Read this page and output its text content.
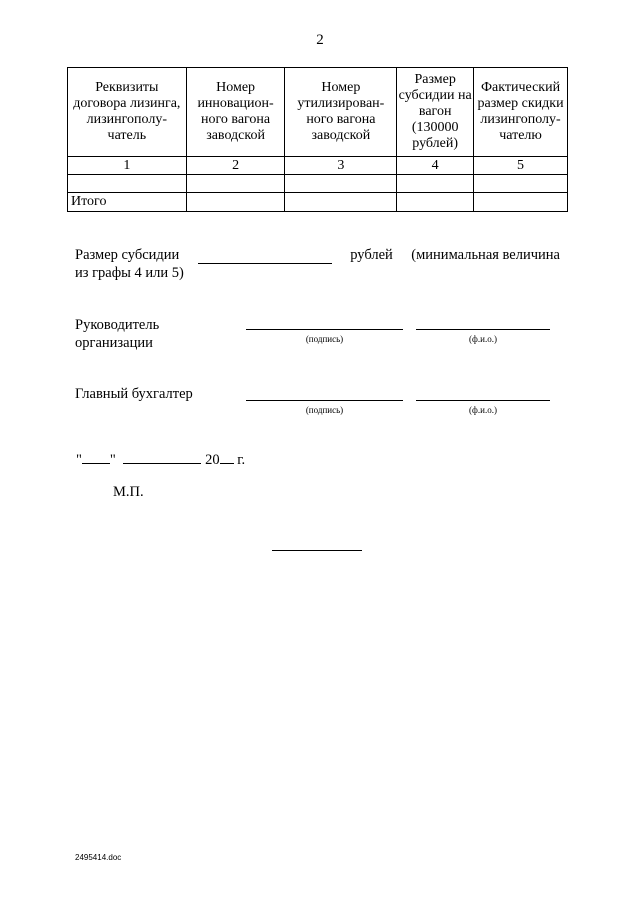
2
Реквизиты договора лизинга, лизингополу-чатель	Номер инновацион-ного вагона заводской	Номер утилизирован-ного вагона заводской	Размер субсидии на вагон (130000 рублей)	Фактический размер скидки лизингополу-чателю
1	2	3	4	5

Итого				
Размер субсидии	рублей (минимальная величина
из графы 4 или 5)
Руководитель
организации	(подпись)	(ф.и.о.)
Главный бухгалтер
(подпись)	(ф.и.о.)
" "	20 г.
М.П.
2495414.doc
